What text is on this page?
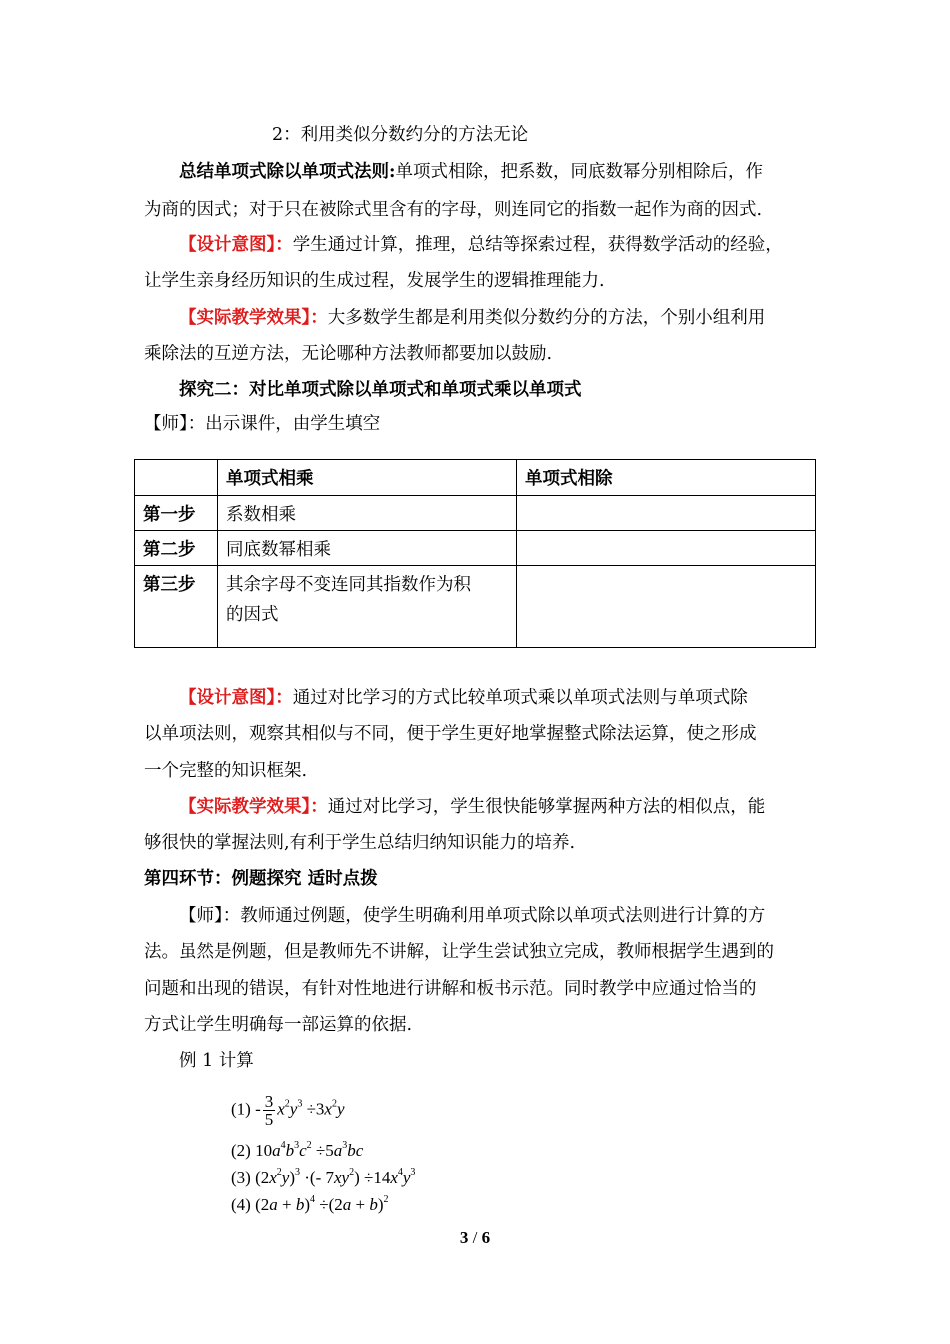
2：利用类似分数约分的方法无论
总结单项式除以单项式法则:单项式相除，把系数，同底数幂分别相除后，作
为商的因式；对于只在被除式里含有的字母，则连同它的指数一起作为商的因式.
【设计意图】：学生通过计算，推理，总结等探索过程，获得数学活动的经验，
让学生亲身经历知识的生成过程，发展学生的逻辑推理能力.
【实际教学效果】：大多数学生都是利用类似分数约分的方法，个别小组利用
乘除法的互逆方法，无论哪种方法教师都要加以鼓励.
探究二：对比单项式除以单项式和单项式乘以单项式
【师】：出示课件，由学生填空
	单项式相乘	单项式相除
第一步	系数相乘	
第二步	同底数幂相乘	
第三步	其余字母不变连同其指数作为积
的因式	

【设计意图】：通过对比学习的方式比较单项式乘以单项式法则与单项式除
以单项法则，观察其相似与不同，便于学生更好地掌握整式除法运算，使之形成
一个完整的知识框架.
【实际教学效果】：通过对比学习，学生很快能够掌握两种方法的相似点，能
够很快的掌握法则,有利于学生总结归纳知识能力的培养.
第四环节：例题探究 适时点拨
【师】：教师通过例题，使学生明确利用单项式除以单项式法则进行计算的方
法。虽然是例题，但是教师先不讲解，让学生尝试独立完成，教师根据学生遇到的
问题和出现的错误，有针对性地进行讲解和板书示范。同时教学中应通过恰当的
方式让学生明确每一部运算的依据.
例 1 计算
$(1) - \frac{3}{5} x^2y^3 \div 3x^2y$
(2) $10a^4b^3c^2 \div 5a^3bc$
(3) $(2x^2y)^3$ ·(- $7xy^2) \div 14x^4y^3$
(4) $(2a + b)^4 \div(2a + b)^2$
3 / 6
